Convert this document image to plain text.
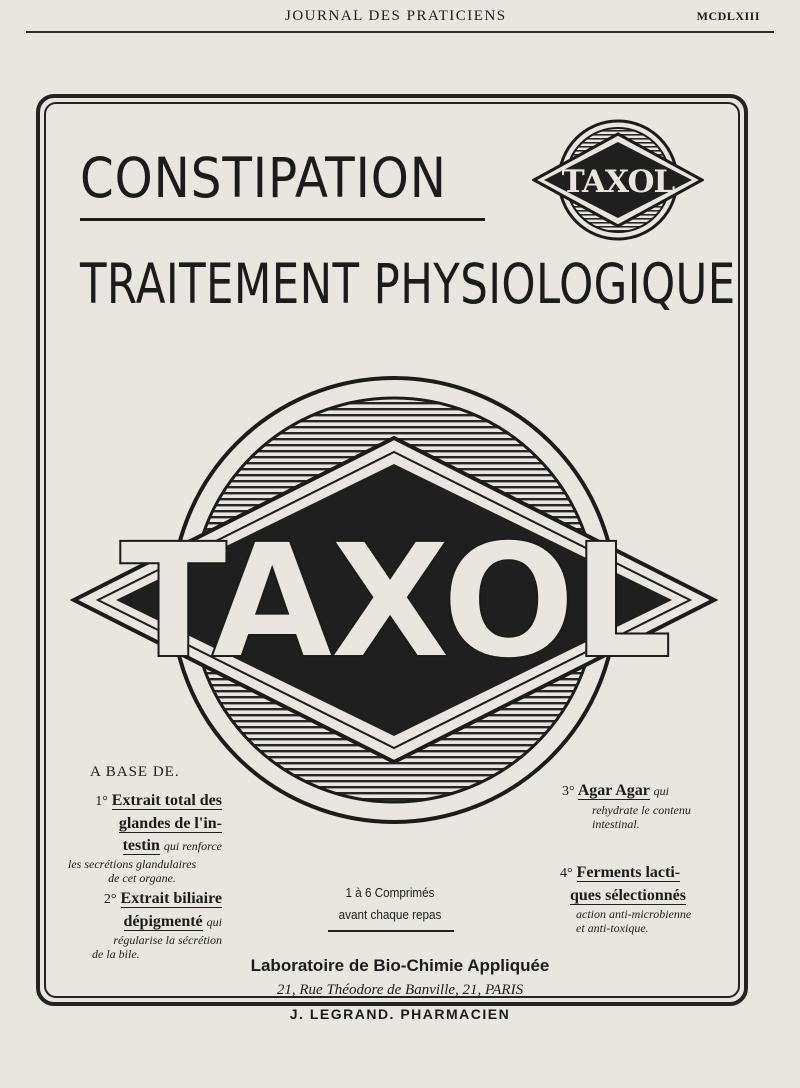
JOURNAL DES PRATICIENS	MCDLXIII
CONSTIPATION
TRAITEMENT PHYSIOLOGIQUE
TAXOL
TAXOL
A BASE DE.
1° Extrait total des
glandes de l'in-
testin qui renforce
les secrétions glandulaires
de cet organe.
2° Extrait biliaire
dépigmenté qui
régularise la sécrétion
de la bile.
3° Agar Agar qui
rehydrate le contenu
intestinal.
4° Ferments lacti-
ques sélectionnés
action anti-microbienne
et anti-toxique.
1 à 6 Comprimés
avant chaque repas
Laboratoire de Bio-Chimie Appliquée
21, Rue Théodore de Banville, 21, PARIS
J. LEGRAND. PHARMACIEN
